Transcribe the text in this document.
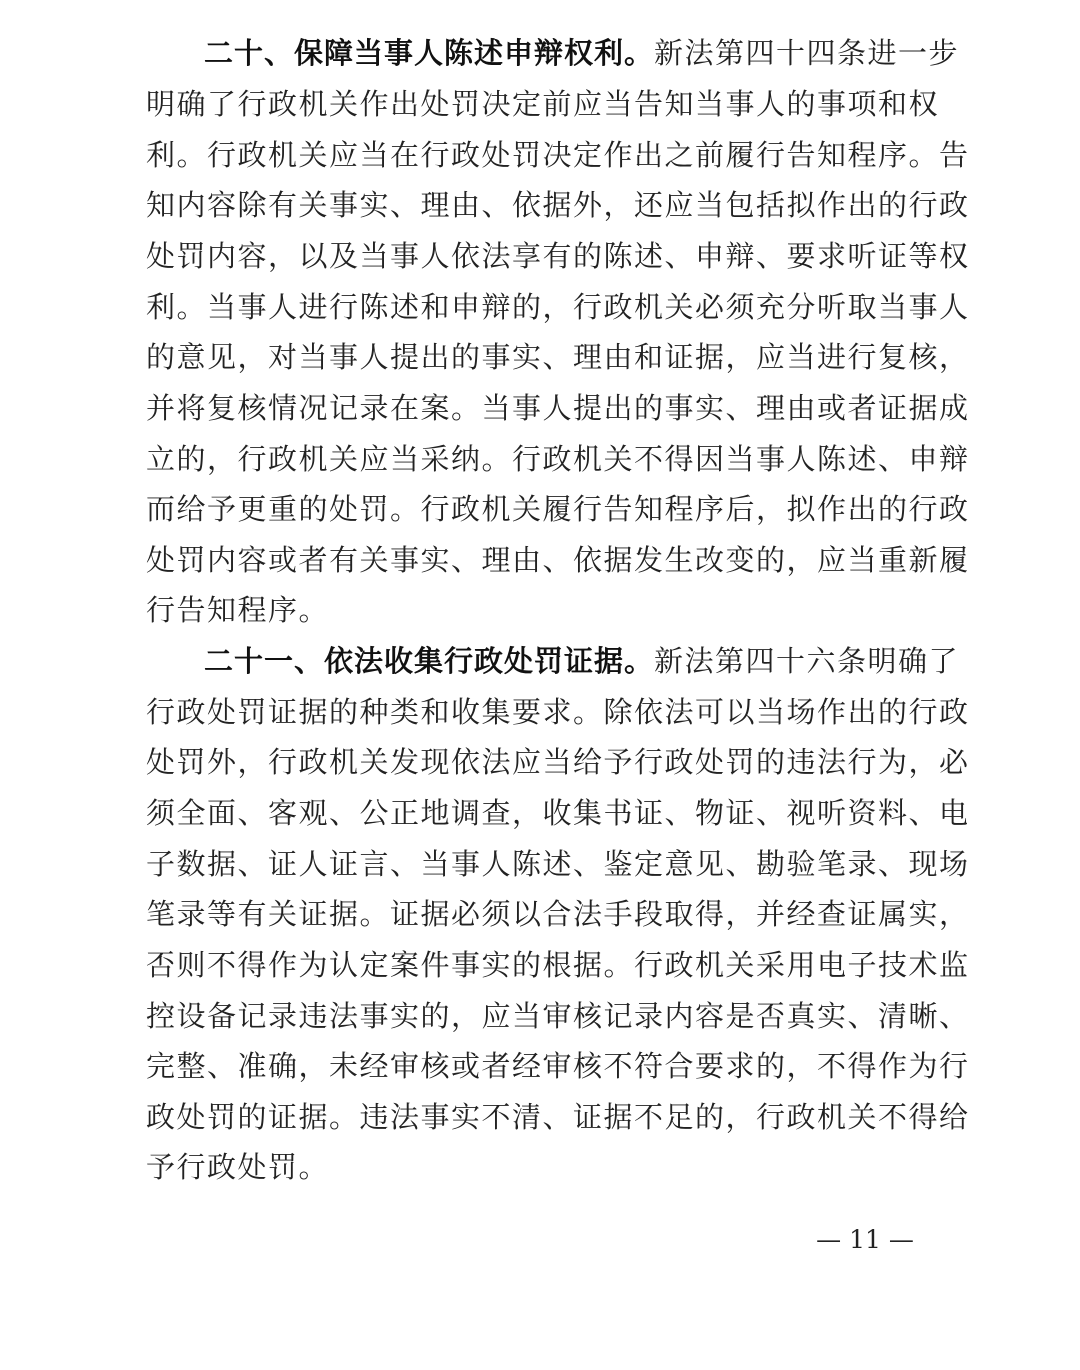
二十、保障当事人陈述申辩权利。新法第四十四条进一步
明确了行政机关作出处罚决定前应当告知当事人的事项和权
利。行政机关应当在行政处罚决定作出之前履行告知程序。告
知内容除有关事实、理由、依据外，还应当包括拟作出的行政
处罚内容，以及当事人依法享有的陈述、申辩、要求听证等权
利。当事人进行陈述和申辩的，行政机关必须充分听取当事人
的意见，对当事人提出的事实、理由和证据，应当进行复核，
并将复核情况记录在案。当事人提出的事实、理由或者证据成
立的，行政机关应当采纳。行政机关不得因当事人陈述、申辩
而给予更重的处罚。行政机关履行告知程序后，拟作出的行政
处罚内容或者有关事实、理由、依据发生改变的，应当重新履
行告知程序。
二十一、依法收集行政处罚证据。新法第四十六条明确了
行政处罚证据的种类和收集要求。除依法可以当场作出的行政
处罚外，行政机关发现依法应当给予行政处罚的违法行为，必
须全面、客观、公正地调查，收集书证、物证、视听资料、电
子数据、证人证言、当事人陈述、鉴定意见、勘验笔录、现场
笔录等有关证据。证据必须以合法手段取得，并经查证属实，
否则不得作为认定案件事实的根据。行政机关采用电子技术监
控设备记录违法事实的，应当审核记录内容是否真实、清晰、
完整、准确，未经审核或者经审核不符合要求的，不得作为行
政处罚的证据。违法事实不清、证据不足的，行政机关不得给
予行政处罚。
— 11 —
